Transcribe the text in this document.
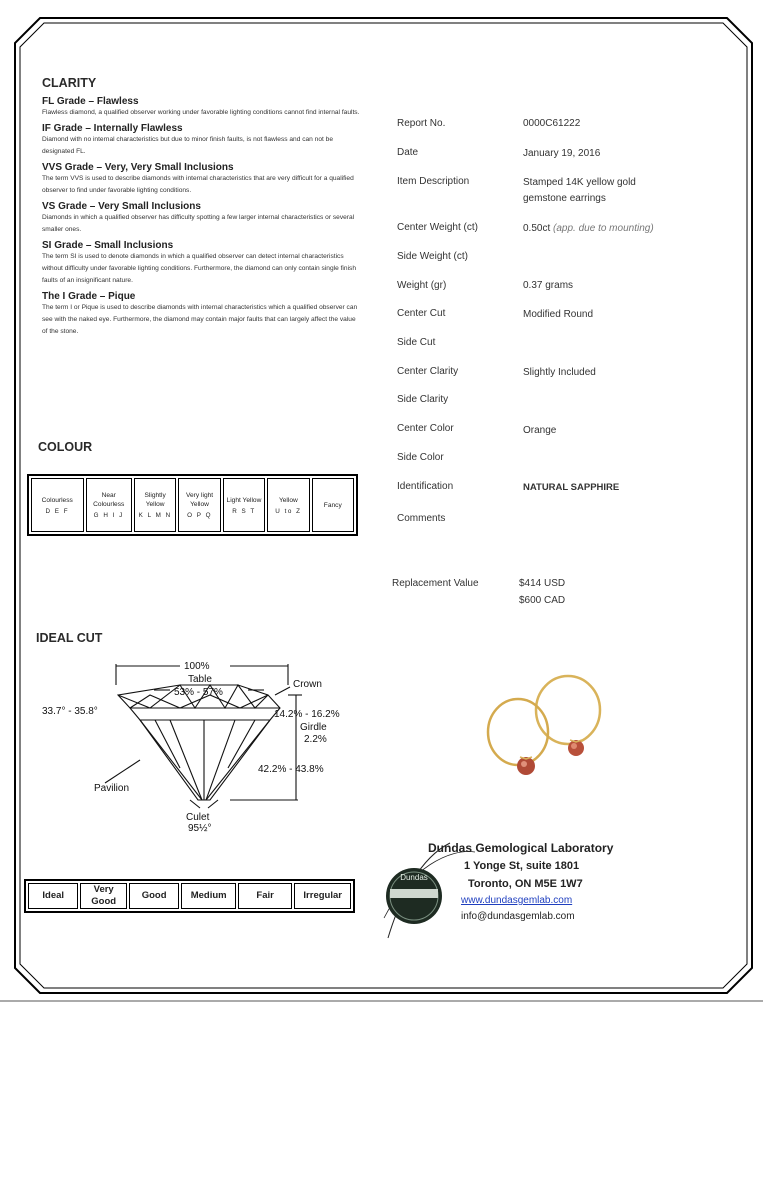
CLARITY
FL Grade – Flawless
Flawless diamond, a qualified observer working under favorable lighting conditions cannot find internal faults.
IF Grade – Internally Flawless
Diamond with no internal characteristics but due to minor finish faults, is not flawless and can not be designated FL.
VVS Grade – Very, Very Small Inclusions
The term VVS is used to describe diamonds with internal characteristics that are very difficult for a qualified observer to find under favorable lighting conditions.
VS Grade – Very Small Inclusions
Diamonds in which a qualified observer has difficulty spotting a few larger internal characteristics or several smaller ones.
SI Grade – Small Inclusions
The term SI is used to denote diamonds in which a qualified observer can detect internal characteristics without difficulty under favorable lighting conditions. Furthermore, the diamond can only contain single finish faults of an insignificant nature.
The I Grade – Pique
The term I or Pique is used to describe diamonds with internal characteristics which a qualified observer can see with the naked eye. Furthermore, the diamond may contain major faults that can largely affect the value of the stone.
COLOUR
Colourless
D E F

Near Colourless
G H I J

Slightly Yellow
K L M N

Very light Yellow
O P Q

Light Yellow
R S T

Yellow
U to Z

Fancy
IDEAL CUT
100%
Table
53% - 57%
Crown
33.7° - 35.8°	14.2% - 16.2%
Girdle
2.2%
42.2% - 43.8%
Pavilion
Culet
95½°
Ideal	Very Good	Good	Medium	Fair	Irregular
Report No.	0000C61222
Date	January 19, 2016
Item Description	Stamped 14K yellow gold gemstone earrings
Center Weight (ct)	0.50ct (app. due to mounting)
Side Weight (ct)
Weight (gr)	0.37 grams
Center Cut	Modified Round
Side Cut
Center Clarity	Slightly Included
Side Clarity
Center Color	Orange
Side Color
Identification	NATURAL SAPPHIRE
Comments
Replacement Value	$414 USD
$600 CAD
Dundas
Dundas Gemological Laboratory
1 Yonge St, suite 1801
Toronto, ON M5E 1W7
www.dundasgemlab.com
info@dundasgemlab.com
